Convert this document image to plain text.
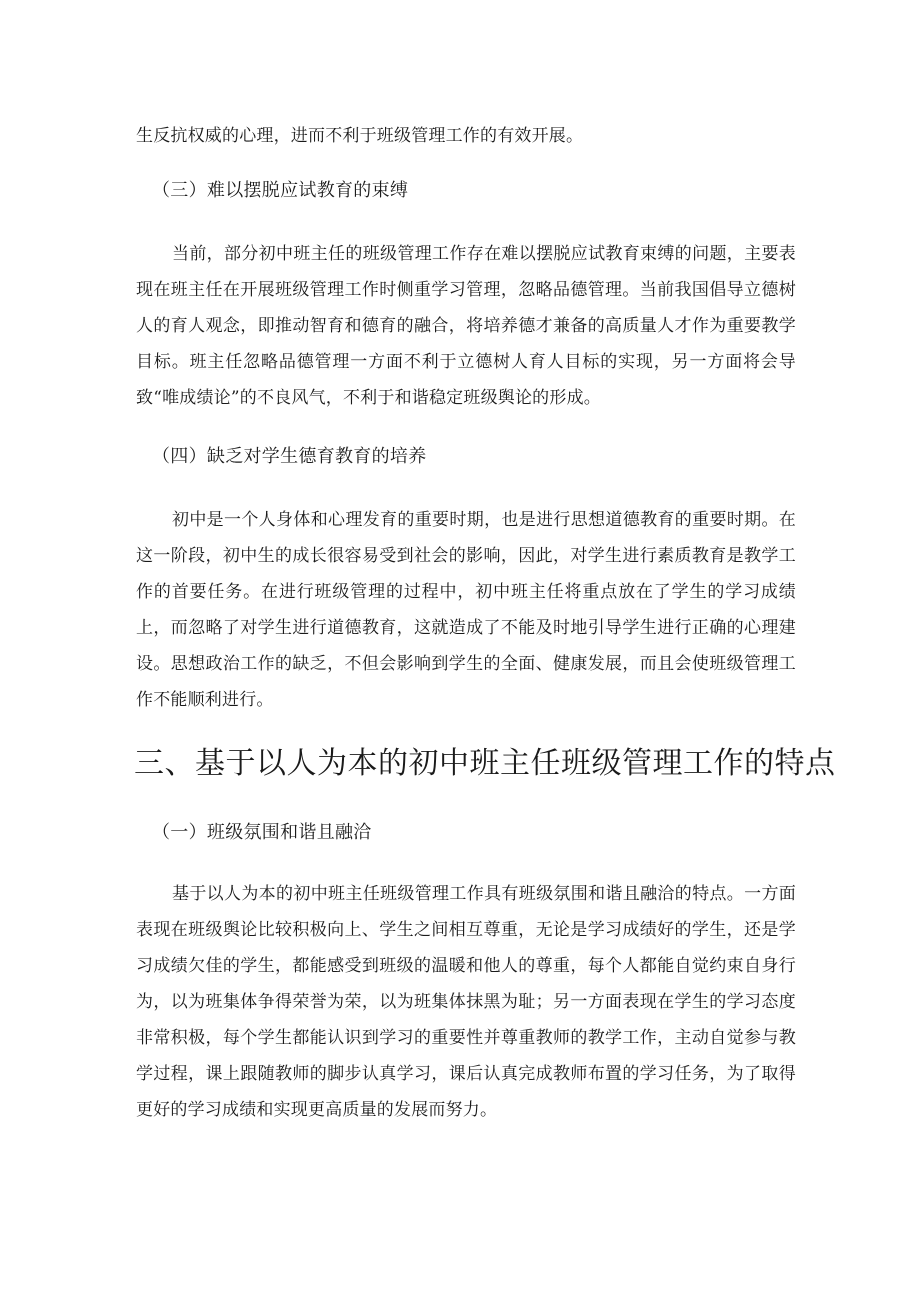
生反抗权威的心理，进而不利于班级管理工作的有效开展。

（三）难以摆脱应试教育的束缚

当前，部分初中班主任的班级管理工作存在难以摆脱应试教育束缚的问题，主要表现在班主任在开展班级管理工作时侧重学习管理，忽略品德管理。当前我国倡导立德树人的育人观念，即推动智育和德育的融合，将培养德才兼备的高质量人才作为重要教学目标。班主任忽略品德管理一方面不利于立德树人育人目标的实现，另一方面将会导致“唯成绩论”的不良风气，不利于和谐稳定班级舆论的形成。

（四）缺乏对学生德育教育的培养

初中是一个人身体和心理发育的重要时期，也是进行思想道德教育的重要时期。在这一阶段，初中生的成长很容易受到社会的影响，因此，对学生进行素质教育是教学工作的首要任务。在进行班级管理的过程中，初中班主任将重点放在了学生的学习成绩上，而忽略了对学生进行道德教育，这就造成了不能及时地引导学生进行正确的心理建设。思想政治工作的缺乏，不但会影响到学生的全面、健康发展，而且会使班级管理工作不能顺利进行。

三、基于以人为本的初中班主任班级管理工作的特点
（一）班级氛围和谐且融洽

基于以人为本的初中班主任班级管理工作具有班级氛围和谐且融洽的特点。一方面表现在班级舆论比较积极向上、学生之间相互尊重，无论是学习成绩好的学生，还是学习成绩欠佳的学生，都能感受到班级的温暖和他人的尊重，每个人都能自觉约束自身行为，以为班集体争得荣誉为荣，以为班集体抹黑为耻；另一方面表现在学生的学习态度非常积极，每个学生都能认识到学习的重要性并尊重教师的教学工作，主动自觉参与教学过程，课上跟随教师的脚步认真学习，课后认真完成教师布置的学习任务，为了取得更好的学习成绩和实现更高质量的发展而努力。
